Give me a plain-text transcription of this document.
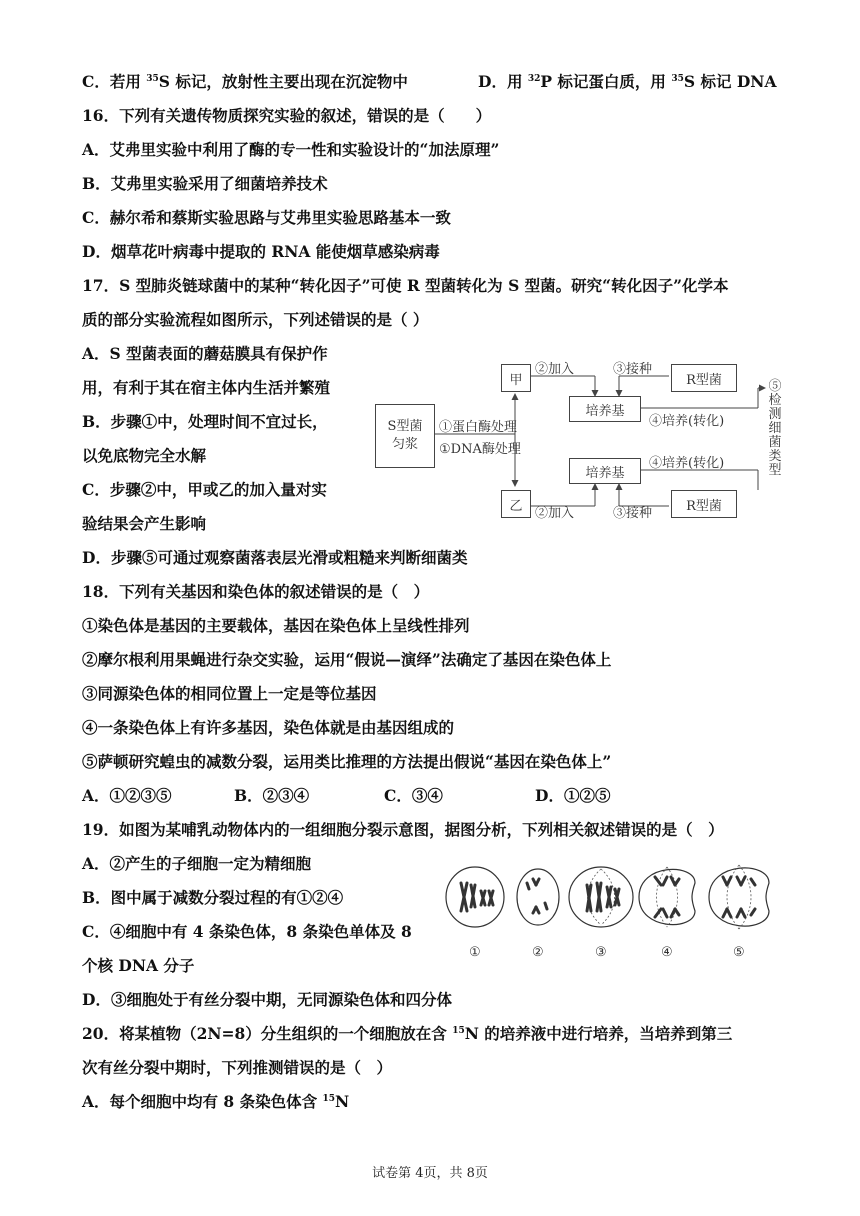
C．若用 $^{35}$S 标记，放射性主要出现在沉淀物中	D．用 $^{32}$P 标记蛋白质，用 $^{35}$S 标记 DNA
16．下列有关遗传物质探究实验的叙述，错误的是（　　）
A．艾弗里实验中利用了酶的专一性和实验设计的“加法原理”
B．艾弗里实验采用了细菌培养技术
C．赫尔希和蔡斯实验思路与艾弗里实验思路基本一致
D．烟草花叶病毒中提取的 RNA 能使烟草感染病毒
17．S 型肺炎链球菌中的某种“转化因子”可使 R 型菌转化为 S 型菌。研究“转化因子”化学本
质的部分实验流程如图所示，下列述错误的是（ ）
A．S 型菌表面的蘑菇膜具有保护作
用，有利于其在宿主体内生活并繁殖
B．步骤①中，处理时间不宜过长，
以免底物完全水解
C．步骤②中，甲或乙的加入量对实
验结果会产生影响
D．步骤⑤可通过观察菌落表层光滑或粗糙来判断细菌类
S型菌
匀浆
①蛋白酶处理
①DNA酶处理
甲
乙
②加入
②加入
③接种
③接种
培养基
培养基
R型菌
R型菌
④培养(转化)
④培养(转化)
⑤检测细菌类型
18．下列有关基因和染色体的叙述错误的是（　）
①染色体是基因的主要载体，基因在染色体上呈线性排列
②摩尔根利用果蝇进行杂交实验，运用“假说—演绎”法确定了基因在染色体上
③同源染色体的相同位置上一定是等位基因
④一条染色体上有许多基因，染色体就是由基因组成的
⑤萨顿研究蝗虫的减数分裂，运用类比推理的方法提出假说“基因在染色体上”
A．①②③⑤	B．②③④	C．③④	D．①②⑤
19．如图为某哺乳动物体内的一组细胞分裂示意图，据图分析，下列相关叙述错误的是（　）
A．②产生的子细胞一定为精细胞
B．图中属于减数分裂过程的有①②④
C．④细胞中有 4 条染色体，8 条染色单体及 8
个核 DNA 分子
D．③细胞处于有丝分裂中期，无同源染色体和四分体
①	②	③	④	⑤
20．将某植物（2N=8）分生组织的一个细胞放在含 $^{15}$N 的培养液中进行培养，当培养到第三
次有丝分裂中期时，下列推测错误的是（　）
A．每个细胞中均有 8 条染色体含 $^{15}$N
试卷第 4页，共 8页
